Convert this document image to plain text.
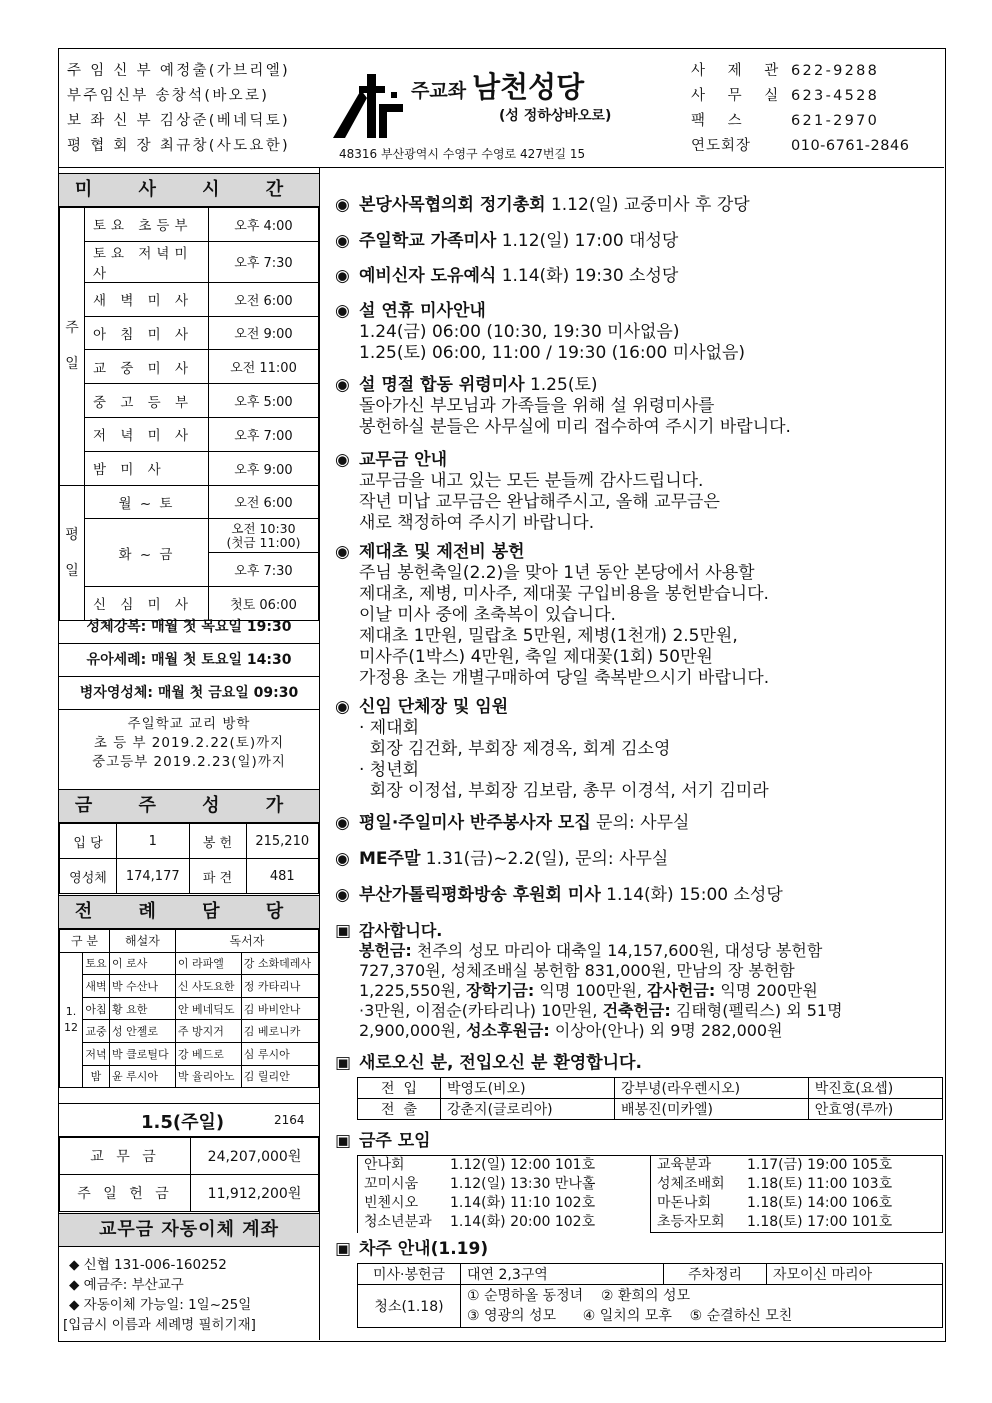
주 임 신 부 예정출(가브리엘)
부주임신부 송창석(바오로)
보 좌 신 부 김상준(베네딕토)
평 협 회 장 최규창(사도요한)
주교좌 남천성당
(성 정하상바오로)
48316 부산광역시 수영구 수영로 427번길 15
사 제 관 622-9288
사 무 실 623-4528
팩 스	621-2970
연도회장	010-6761-2846
미 사 시 간
주일	토요 초등부	오후 4:00
	토요 저녁미사	오후 7:30
	새 벽 미 사	오전 6:00
	아 침 미 사	오전 9:00
	교 중 미 사	오전 11:00
	중 고 등 부	오후 5:00
	저 녁 미 사	오후 7:00
	밤 미 사	오후 9:00
평일	월 ~ 토	오전 6:00
	화 ~ 금	오전 10:30
(첫금 11:00)
		오후 7:30
	신 심 미 사	첫토 06:00
성체강복: 매월 첫 목요일 19:30
유아세례: 매월 첫 토요일 14:30
병자영성체: 매월 첫 금요일 09:30
주일학교 교리 방학
초 등 부 2019.2.22(토)까지
중고등부 2019.2.23(일)까지
금 주 성 가
입 당	1	봉 헌	215,210
영성체	174,177	파 견	481
전 례 담 당
구 분		해설자	독서자	
1.
12	토요	이 로사	이 라파엘	강 소화데레사
	새벽	박 수산나	신 사도요한	정 카타리나
	아침	황 요한	안 베네딕도	김 바비안나
	교중	성 안젤로	주 방지거	김 베로니카
	저녁	박 클로틸다	강 베드로	심 루시아
	밤	윤 루시아	박 율리아노	김 릴리안
1.5(주일)	2164
교 무 금	24,207,000원
주 일 헌 금	11,912,200원
교무금 자동이체 계좌
◆ 신협 131-006-160252
◆ 예금주: 부산교구
◆ 자동이체 가능일: 1일~25일
[입금시 이름과 세례명 필히기재]
◉ 본당사목협의회 정기총회 1.12(일) 교중미사 후 강당
◉ 주일학교 가족미사 1.12(일) 17:00 대성당
◉ 예비신자 도유예식 1.14(화) 19:30 소성당
◉ 설 연휴 미사안내
1.24(금) 06:00 (10:30, 19:30 미사없음)
1.25(토) 06:00, 11:00 / 19:30 (16:00 미사없음)
◉ 설 명절 합동 위령미사 1.25(토)
돌아가신 부모님과 가족들을 위해 설 위령미사를
봉헌하실 분들은 사무실에 미리 접수하여 주시기 바랍니다.
◉ 교무금 안내
교무금을 내고 있는 모든 분들께 감사드립니다.
작년 미납 교무금은 완납해주시고, 올해 교무금은
새로 책정하여 주시기 바랍니다.
◉ 제대초 및 제전비 봉헌
주님 봉헌축일(2.2)을 맞아 1년 동안 본당에서 사용할
제대초, 제병, 미사주, 제대꽃 구입비용을 봉헌받습니다.
이날 미사 중에 초축복이 있습니다.
제대초 1만원, 밀랍초 5만원, 제병(1천개) 2.5만원,
미사주(1박스) 4만원, 축일 제대꽃(1회) 50만원
가정용 초는 개별구매하여 당일 축복받으시기 바랍니다.
◉ 신임 단체장 및 임원
· 제대회
회장 김건화, 부회장 제경옥, 회계 김소영
· 청년회
회장 이정섭, 부회장 김보람, 총무 이경석, 서기 김미라
◉ 평일·주일미사 반주봉사자 모집 문의: 사무실
◉ ME주말 1.31(금)~2.2(일), 문의: 사무실
◉ 부산가톨릭평화방송 후원회 미사 1.14(화) 15:00 소성당
▣ 감사합니다.
봉헌금: 천주의 성모 마리아 대축일 14,157,600원, 대성당 봉헌함
727,370원, 성체조배실 봉헌함 831,000원, 만남의 장 봉헌함
1,225,550원, 장학기금: 익명 100만원, 감사헌금: 익명 200만원
·3만원, 이점순(카타리나) 10만원, 건축헌금: 김태형(펠릭스) 외 51명
2,900,000원, 성소후원금: 이상아(안나) 외 9명 282,000원
▣ 새로오신 분, 전입오신 분 환영합니다.
전  입	박영도(비오)	강부녕(라우렌시오)	박진호(요셉)
전  출	강춘지(글로리아)	배봉진(미카엘)	안효영(루까)
▣ 금주 모임
안나회	1.12(일) 12:00 101호
꼬미시움 1.12(일) 13:30 만나홀
빈첸시오 1.14(화) 11:10 102호
청소년분과 1.14(화) 20:00 102호

교육분과	1.17(금) 19:00 105호
성체조배회 1.18(토) 11:00 103호
마돈나회	1.18(토) 14:00 106호
초등자모회 1.18(토) 17:00 101호
▣ 차주 안내(1.19)
미사·봉헌금	대연 2,3구역	주차정리	자모이신 마리아
청소(1.18)	① 순명하올 동정녀    ② 환희의 성모
③ 영광의 성모      ④ 일치의 모후    ⑤ 순결하신 모친		
